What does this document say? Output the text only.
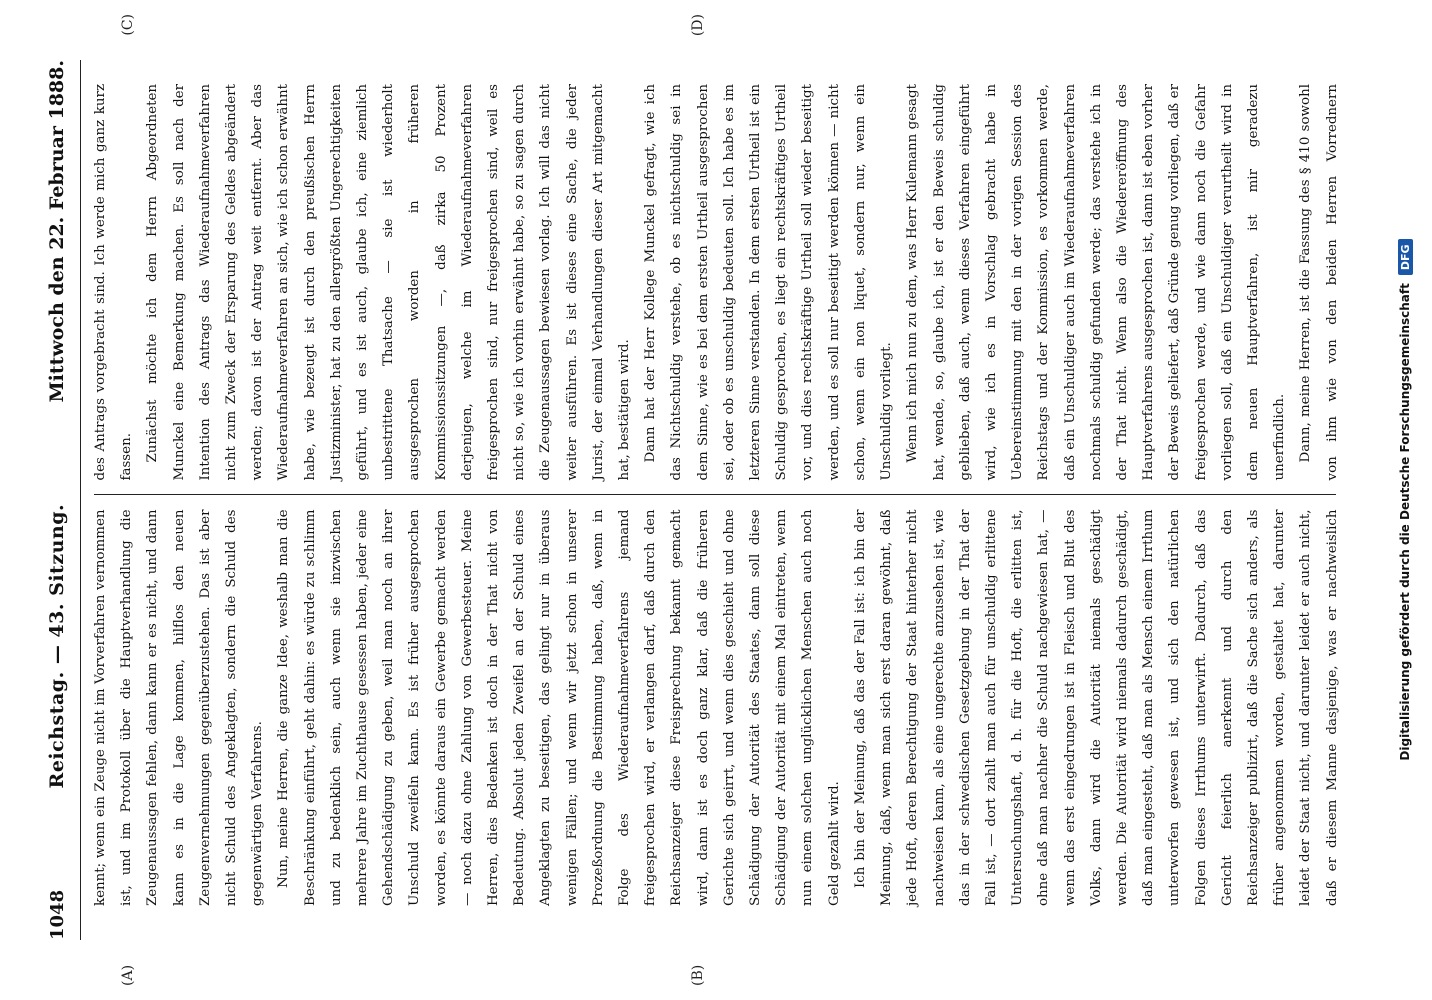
1048
Reichstag. — 43. Sitzung.
Mittwoch den 22. Februar 1888.
(A)	(B)
(C)	(D)

kennt; wenn ein Zeuge nicht im Vorverfahren vernommen ist, und im Protokoll über die Hauptverhandlung die Zeugenaussagen fehlen, dann kann er es nicht, und dann kann es in die Lage kommen, hilflos den neuen Zeugenvernehmungen gegenüberzustehen. Das ist aber nicht Schuld des Angeklagten, sondern die Schuld des gegenwärtigen Verfahrens. Nun, meine Herren, die ganze Idee, weshalb man die Beschränkung einführt, geht dahin: es würde zu schlimm und zu bedenklich sein, auch wenn sie inzwischen mehrere Jahre im Zuchthause gesessen haben, jeder eine Gehendschädigung zu geben, weil man noch an ihrer Unschuld zweifeln kann. Es ist früher ausgesprochen worden, es könnte daraus ein Gewerbe gemacht werden — noch dazu ohne Zahlung von Gewerbesteuer. Meine Herren, dies Bedenken ist doch in der That nicht von Bedeutung. Absolut jeden Zweifel an der Schuld eines Angeklagten zu beseitigen, das gelingt nur in überaus wenigen Fällen; und wenn wir jetzt schon in unserer Prozeßordnung die Bestimmung haben, daß, wenn in Folge des Wiederaufnahmeverfahrens jemand freigesprochen wird, er verlangen darf, daß durch den Reichsanzeiger diese Freisprechung bekannt gemacht wird, dann ist es doch ganz klar, daß die früheren Gerichte sich geirrt, und wenn dies geschieht und ohne Schädigung der Autorität des Staates, dann soll diese Schädigung der Autorität mit einem Mal eintreten, wenn nun einem solchen unglücklichen Menschen auch noch Geld gezahlt wird. Ich bin der Meinung, daß das der Fall ist: ich bin der Meinung, daß, wenn man sich erst daran gewöhnt, daß jede Hoft, deren Berechtigung der Staat hinterher nicht nachweisen kann, als eine ungerechte anzusehen ist, wie das in der schwedischen Gesetzgebung in der That der Fall ist, — dort zahlt man auch für unschuldig erlittene Untersuchungshaft, d. h. für die Hoft, die erlitten ist, ohne daß man nachher die Schuld nachgewiesen hat, — wenn das erst eingedrungen ist in Fleisch und Blut des Volks, dann wird die Autorität niemals geschädigt werden. Die Autorität wird niemals dadurch geschädigt, daß man eingesteht, daß man als Mensch einem Irrthum unterworfen gewesen ist, und sich den natürlichen Folgen dieses Irrthums unterwirft. Dadurch, daß das Gericht feierlich anerkennt und durch den Reichsanzeiger publizirt, daß die Sache sich anders, als früher angenommen worden, gestaltet hat, darunter leidet der Staat nicht, und darunter leidet er auch nicht, daß er diesem Manne dasjenige, was er nachweislich

des Antrags vorgebracht sind. Ich werde mich ganz kurz fassen. Zunächst möchte ich dem Herrn Abgeordneten Munckel eine Bemerkung machen. Es soll nach der Intention des Antrags das Wiederaufnahmeverfahren nicht zum Zweck der Ersparung des Geldes abgeändert werden; davon ist der Antrag weit entfernt. Aber das Wiederaufnahmeverfahren an sich, wie ich schon erwähnt habe, wie bezeugt ist durch den preußischen Herrn Justizminister, hat zu den allergrößten Ungerechtigkeiten geführt, und es ist auch, glaube ich, eine ziemlich unbestrittene Thatsache — sie ist wiederholt ausgesprochen worden in früheren Kommissionssitzungen —, daß zirka 50 Prozent derjenigen, welche im Wiederaufnahmeverfahren freigesprochen sind, nur freigesprochen sind, weil es nicht so, wie ich vorhin erwähnt habe, so zu sagen durch die Zeugenaussagen bewiesen vorlag. Ich will das nicht weiter ausführen. Es ist dieses eine Sache, die jeder Jurist, der einmal Verhandlungen dieser Art mitgemacht hat, bestätigen wird. Dann hat der Herr Kollege Munckel gefragt, wie ich das Nichtschuldig verstehe, ob es nichtschuldig sei in dem Sinne, wie es bei dem ersten Urtheil ausgesprochen sei, oder ob es unschuldig bedeuten soll. Ich habe es im letzteren Sinne verstanden. In dem ersten Urtheil ist ein Schuldig gesprochen, es liegt ein rechtskräftiges Urtheil vor, und dies rechtskräftige Urtheil soll wieder beseitigt werden, und es soll nur beseitigt werden können — nicht schon, wenn ein non liquet, sondern nur, wenn ein Unschuldig vorliegt. Wenn ich mich nun zu dem, was Herr Kulemann gesagt hat, wende, so, glaube ich, ist er den Beweis schuldig geblieben, daß auch, wenn dieses Verfahren eingeführt wird, wie ich es in Vorschlag gebracht habe in Uebereinstimmung mit den in der vorigen Session des Reichstags und der Kommission, es vorkommen werde, daß ein Unschuldiger auch im Wiederaufnahmeverfahren nochmals schuldig gefunden werde; das verstehe ich in der That nicht. Wenn also die Wiedereröffnung des Hauptverfahrens ausgesprochen ist, dann ist eben vorher der Beweis geliefert, daß Gründe genug vorliegen, daß er freigesprochen werde, und wie dann noch die Gefahr vorliegen soll, daß ein Unschuldiger verurtheilt wird in dem neuen Hauptverfahren, ist mir geradezu unerfindlich. Dann, meine Herren, ist die Fassung des § 410 sowohl von ihm wie von den beiden Herren Vorrednern

Digitalisierung gefördert durch die Deutsche Forschungsgemeinschaft
DFG
